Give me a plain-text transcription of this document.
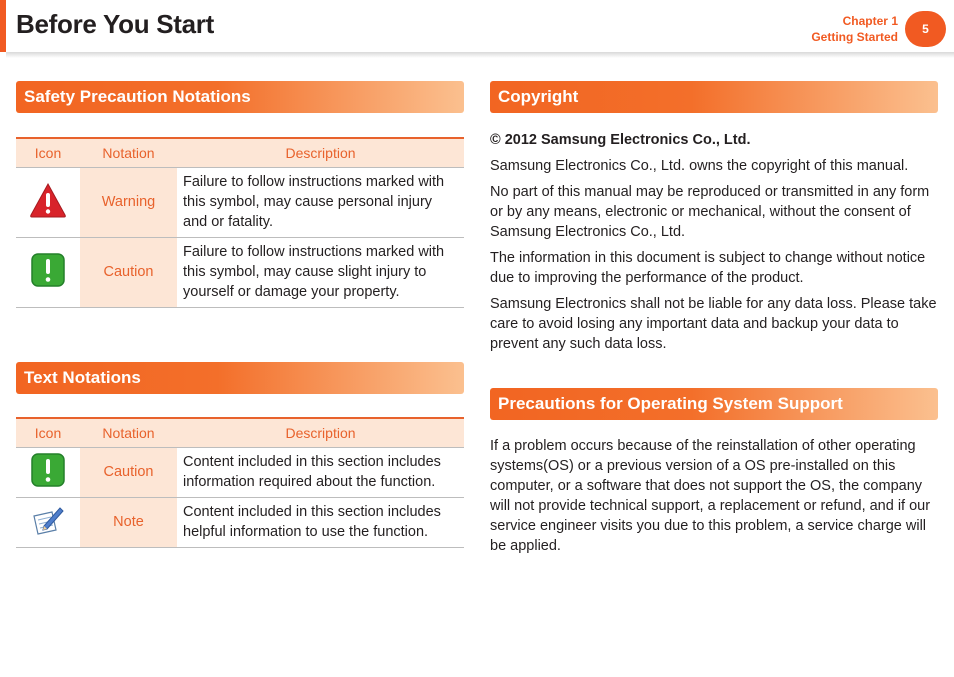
Before You Start	Chapter 1
Getting Started
5
Safety Precaution Notations
Icon	Notation	Description
	Warning	Failure to follow instructions marked with this symbol, may cause personal injury and or fatality.
	Caution	Failure to follow instructions marked with this symbol, may cause slight injury to yourself or damage your property.
Text Notations
Icon	Notation	Description
	Caution	Content included in this section includes information required about the function.
	Note	Content included in this section includes helpful information to use the function.
Copyright

© 2012 Samsung Electronics Co., Ltd.

Samsung Electronics Co., Ltd. owns the copyright of this manual.

No part of this manual may be reproduced or transmitted in any form or by any means, electronic or mechanical, without the consent of Samsung Electronics Co., Ltd.

The information in this document is subject to change without notice due to improving the performance of the product.

Samsung Electronics shall not be liable for any data loss. Please take care to avoid losing any important data and backup your data to prevent any such data loss.

Precautions for Operating System Support

If a problem occurs because of the reinstallation of other operating systems(OS) or a previous version of a OS pre-installed on this computer, or a software that does not support the OS, the company will not provide technical support, a replacement or refund, and if our service engineer visits you due to this problem, a service charge will be applied.
